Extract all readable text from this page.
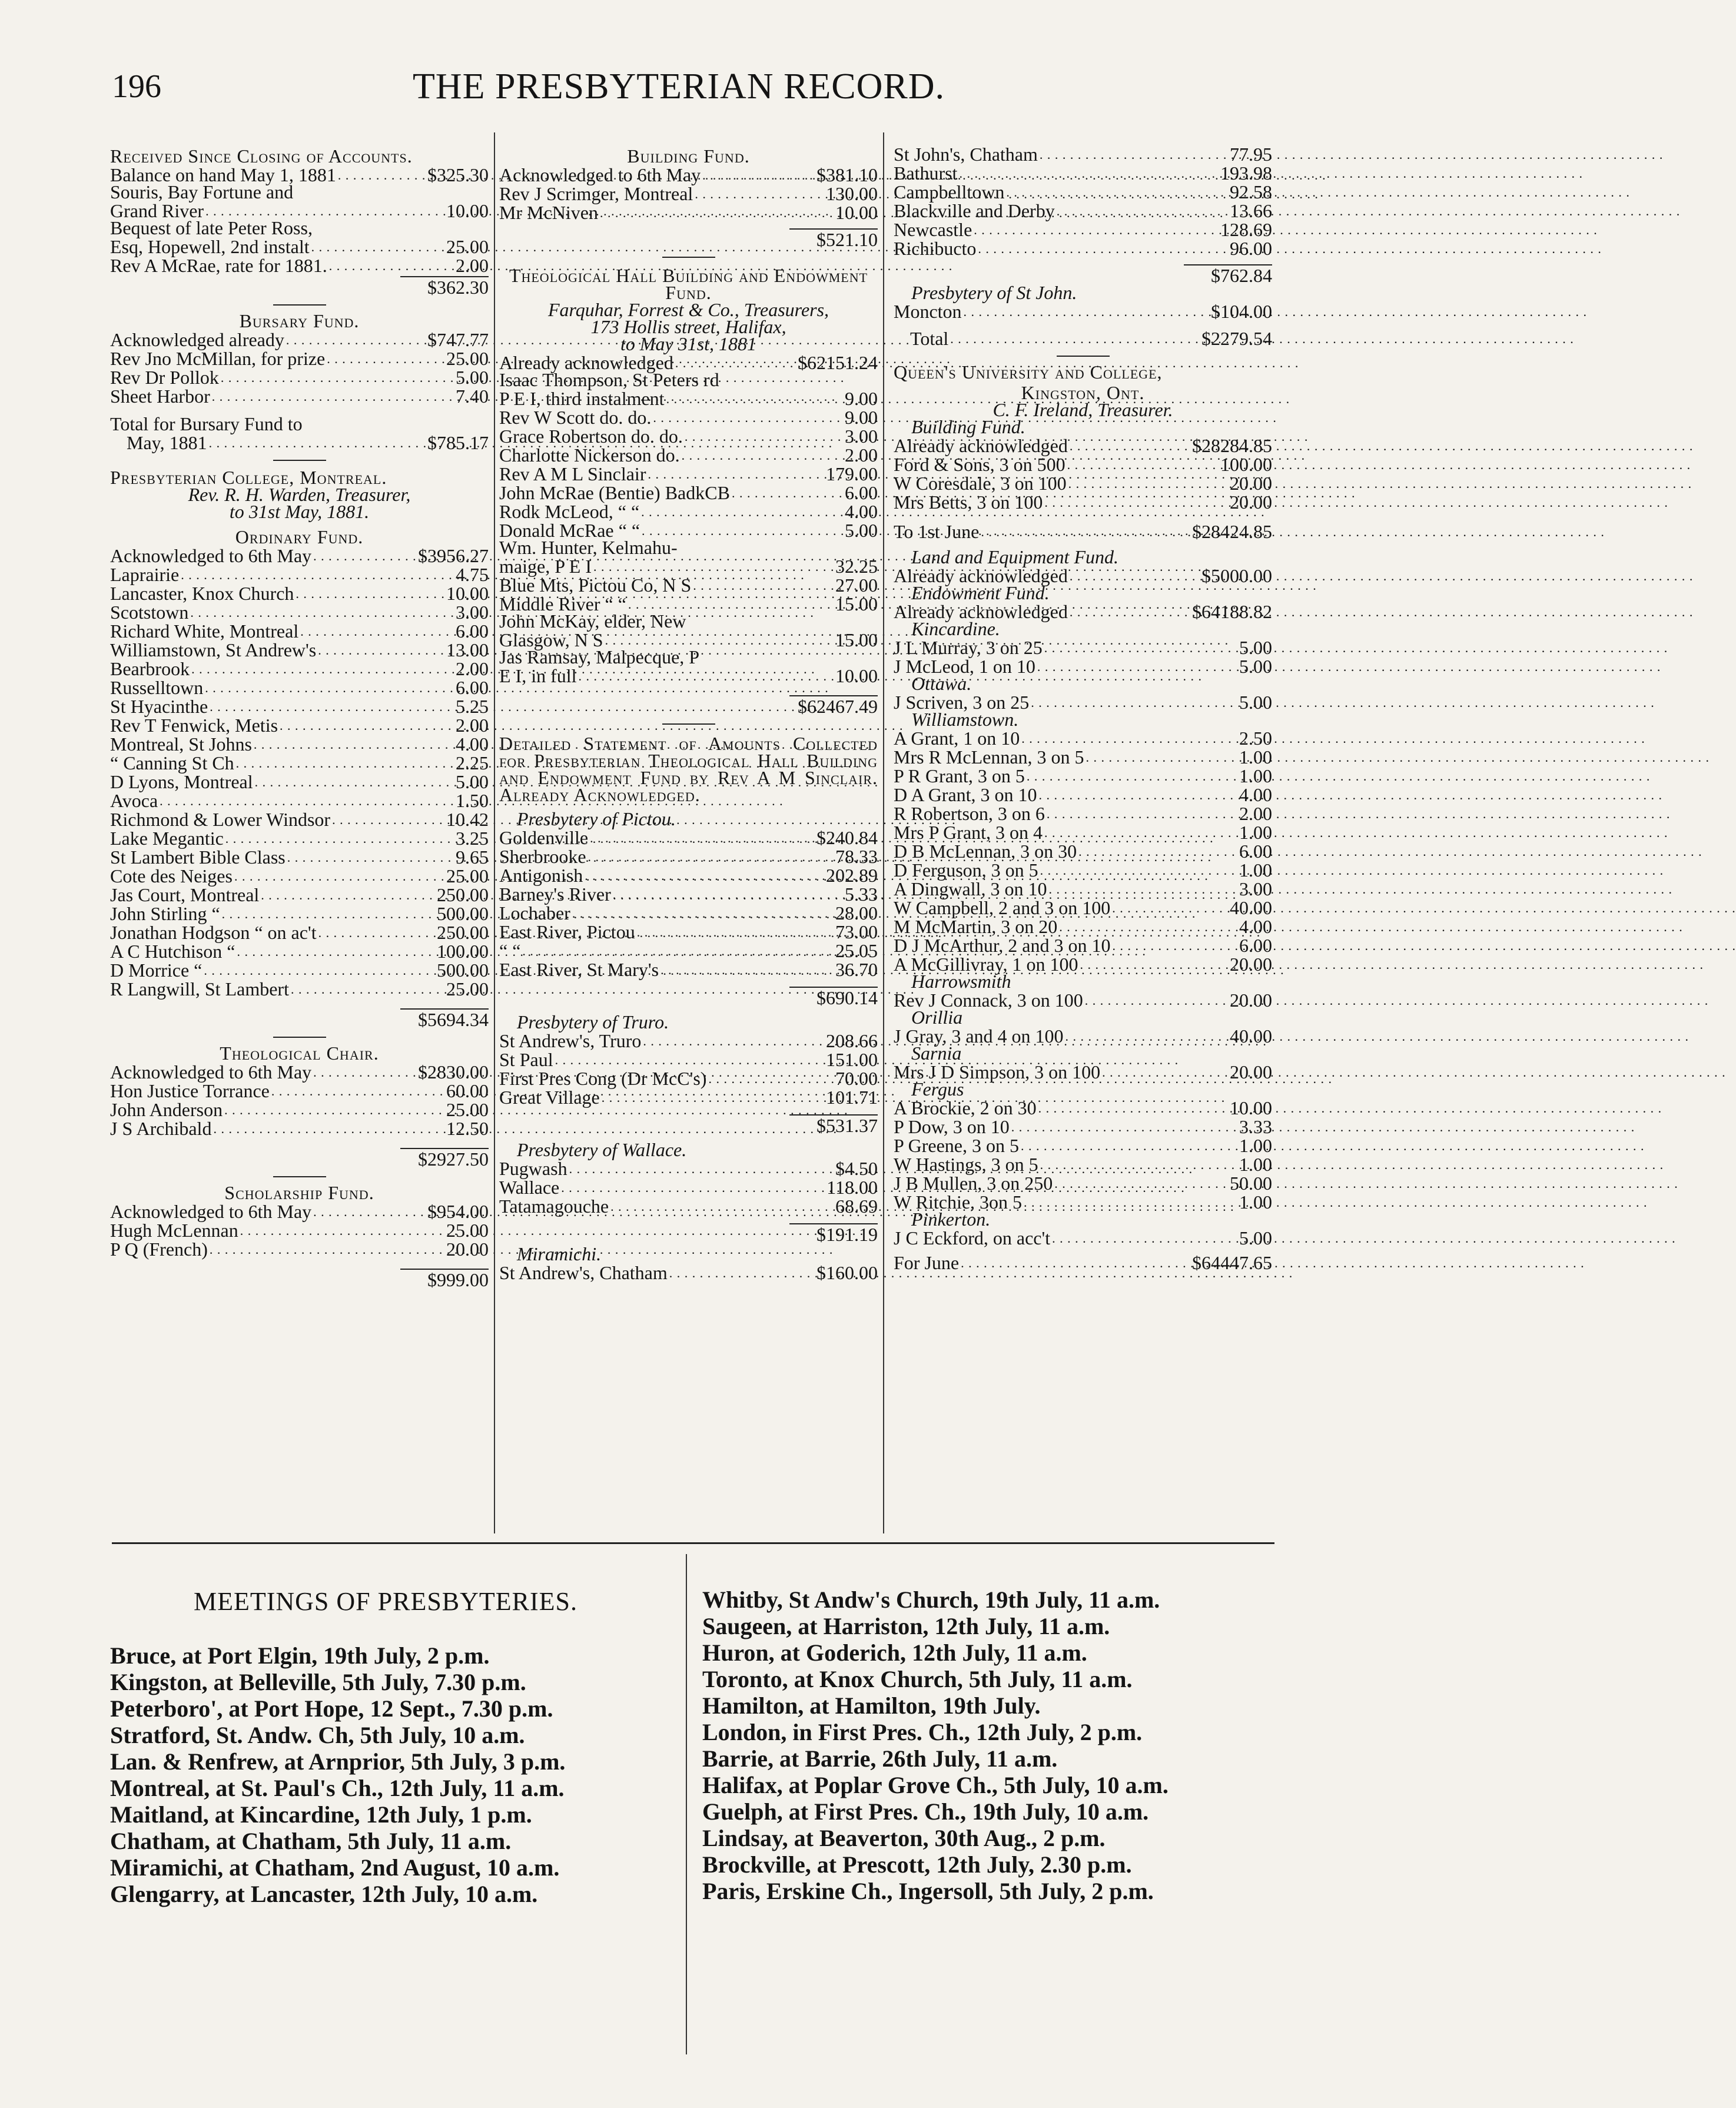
196	THE PRESBYTERIAN RECORD.
Received Since Closing of Accounts.
Balance on hand May 1, 1881 . . .	$325.30
Souris, Bay Fortune and
Grand River . . .	10.00
Bequest of late Peter Ross,
Esq, Hopewell, 2nd instalt . . .	25.00
Rev A McRae, rate for 1881. . . .	2.00
$362.30
Bursary Fund.
Acknowledged already . . .	$747.77
Rev Jno McMillan, for prize . . .	25.00
Rev Dr Pollok . . .	5.00
Sheet Harbor . . .	7.40
Total for Bursary Fund to
May, 1881 . . .	$785.17
Presbyterian College, Montreal.
Rev. R. H. Warden, Treasurer,
to 31st May, 1881.
Ordinary Fund.
Acknowledged to 6th May . . .	$3956.27
Laprairie . . .	4.75
Lancaster, Knox Church . . .	10.00
Scotstown . . .	3.00
Richard White, Montreal . . .	6.00
Williamstown, St Andrew's . . .	13.00
Bearbrook . . .	2.00
Russelltown . . .	6.00
St Hyacinthe . . .	5.25
Rev T Fenwick, Metis . . .	2.00
Montreal, St Johns . . .	4.00
“ Canning St Ch . . .	2.25
D Lyons, Montreal . . .	5.00
Avoca . . .	1.50
Richmond & Lower Windsor . . .	10.42
Lake Megantic . . .	3.25
St Lambert Bible Class . . .	9.65
Cote des Neiges . . .	25.00
Jas Court, Montreal . . .	250.00
John Stirling “ . . .	500.00
Jonathan Hodgson “ on ac't . . .	250.00
A C Hutchison “ . . .	100.00
D Morrice “ . . .	500.00
R Langwill, St Lambert . . .	25.00
$5694.34
Theological Chair.
Acknowledged to 6th May . . .	$2830.00
Hon Justice Torrance . . .	60.00
John Anderson . . .	25.00
J S Archibald . . .	12.50
$2927.50
Scholarship Fund.
Acknowledged to 6th May . . .	$954.00
Hugh McLennan . . .	25.00
P Q (French) . . .	20.00
$999.00
Building Fund.
Acknowledged to 6th May . . .	$381.10
Rev J Scrimger, Montreal . . .	130.00
Mr McNiven . . .	10.00
$521.10
Theological Hall Building and Endowment Fund.
Farquhar, Forrest & Co., Treasurers,
173 Hollis street, Halifax,
to May 31st, 1881
Already acknowledged . . .	$62151.24
Isaac Thompson, St Peters rd
P E I, third instalment . . .	9.00
Rev W Scott do. do. . . .	9.00
Grace Robertson do. do. . . .	3.00
Charlotte Nickerson do. . . .	2.00
Rev A M L Sinclair . . .	179.00
John McRae (Bentie) BadkCB . . .	6.00
Rodk McLeod, “ “ . . .	4.00
Donald McRae “ “ . . .	5.00
Wm. Hunter, Kelmahu-
maige, P E I . . .	32.25
Blue Mts, Pictou Co, N S . . .	27.00
Middle River “ “ . . .	15.00
John McKay, elder, New
Glasgow, N S . . .	15.00
Jas Ramsay, Malpecque, P
E I, in full . . .	10.00
$62467.49
Detailed Statement of Amounts Collected for Presbyterian Theological Hall Building and Endowment Fund by Rev A M Sinclair. Already Acknowledged.
Presbytery of Pictou.
Goldenville . . .	$240.84
Sherbrooke . . .	78.33
Antigonish . . .	202.89
Barney's River . . .	5.33
Lochaber . . .	28.00
East River, Pictou . . .	73.00
“ “ . . .	25.05
East River, St Mary's . . .	36.70
$690.14
Presbytery of Truro.
St Andrew's, Truro . . .	208.66
St Paul . . .	151.00
First Pres Cong (Dr McC's) . . .	70.00
Great Village . . .	101.71
$531.37
Presbytery of Wallace.
Pugwash . . .	$4.50
Wallace . . .	118.00
Tatamagouche . . .	68.69
$191.19
Miramichi.
St Andrew's, Chatham . . .	$160.00
St John's, Chatham . . .	77.95
Bathurst . . .	193.98
Campbelltown . . .	92.58
Blackville and Derby . . .	13.66
Newcastle . . .	128.69
Richibucto . . .	96.00
$762.84
Presbytery of St John.
Moncton . . .	$104.00
Total . . .	$2279.54
Queen's University and College,
Kingston, Ont.
C. F. Ireland, Treasurer.
Building Fund.
Already acknowledged . . .	$28284.85
Ford & Sons, 3 on 500 . . .	100.00
W Coresdale, 3 on 100 . . .	20.00
Mrs Betts, 3 on 100 . . .	20.00
To 1st June . . .	$28424.85
Land and Equipment Fund.
Already acknowledged . . .	$5000.00
Endowment Fund.
Already acknowledged . . .	$64188.82
Kincardine.
J L Murray, 3 on 25 . . .	5.00
J McLeod, 1 on 10 . . .	5.00
Ottawa.
J Scriven, 3 on 25 . . .	5.00
Williamstown.
A Grant, 1 on 10 . . .	2.50
Mrs R McLennan, 3 on 5 . . .	1.00
P R Grant, 3 on 5 . . .	1.00
D A Grant, 3 on 10 . . .	4.00
R Robertson, 3 on 6 . . .	2.00
Mrs P Grant, 3 on 4 . . .	1.00
D B McLennan, 3 on 30 . . .	6.00
D Ferguson, 3 on 5 . . .	1.00
A Dingwall, 3 on 10 . . .	3.00
W Campbell, 2 and 3 on 100 . . .	40.00
M McMartin, 3 on 20 . . .	4.00
D J McArthur, 2 and 3 on 10 . . .	6.00
A McGillivray, 1 on 100 . . .	20.00
Harrowsmith
Rev J Connack, 3 on 100 . . .	20.00
Orillia
J Gray, 3 and 4 on 100 . . .	40.00
Sarnia
Mrs J D Simpson, 3 on 100 . . .	20.00
Fergus
A Brockie, 2 on 30 . . .	10.00
P Dow, 3 on 10 . . .	3.33
P Greene, 3 on 5 . . .	1.00
W Hastings, 3 on 5 . . .	1.00
J B Mullen, 3 on 250 . . .	50.00
W Ritchie, 3on 5 . . .	1.00
Pinkerton.
J C Eckford, on acc't . . .	5.00
For June . . .	$64447.65
MEETINGS OF PRESBYTERIES.
Bruce, at Port Elgin, 19th July, 2 p.m.
Kingston, at Belleville, 5th July, 7.30 p.m.
Peterboro', at Port Hope, 12 Sept., 7.30 p.m.
Stratford, St. Andw. Ch, 5th July, 10 a.m.
Lan. & Renfrew, at Arnprior, 5th July, 3 p.m.
Montreal, at St. Paul's Ch., 12th July, 11 a.m.
Maitland, at Kincardine, 12th July, 1 p.m.
Chatham, at Chatham, 5th July, 11 a.m.
Miramichi, at Chatham, 2nd August, 10 a.m.
Glengarry, at Lancaster, 12th July, 10 a.m.
Whitby, St Andw's Church, 19th July, 11 a.m.
Saugeen, at Harriston, 12th July, 11 a.m.
Huron, at Goderich, 12th July, 11 a.m.
Toronto, at Knox Church, 5th July, 11 a.m.
Hamilton, at Hamilton, 19th July.
London, in First Pres. Ch., 12th July, 2 p.m.
Barrie, at Barrie, 26th July, 11 a.m.
Halifax, at Poplar Grove Ch., 5th July, 10 a.m.
Guelph, at First Pres. Ch., 19th July, 10 a.m.
Lindsay, at Beaverton, 30th Aug., 2 p.m.
Brockville, at Prescott, 12th July, 2.30 p.m.
Paris, Erskine Ch., Ingersoll, 5th July, 2 p.m.
